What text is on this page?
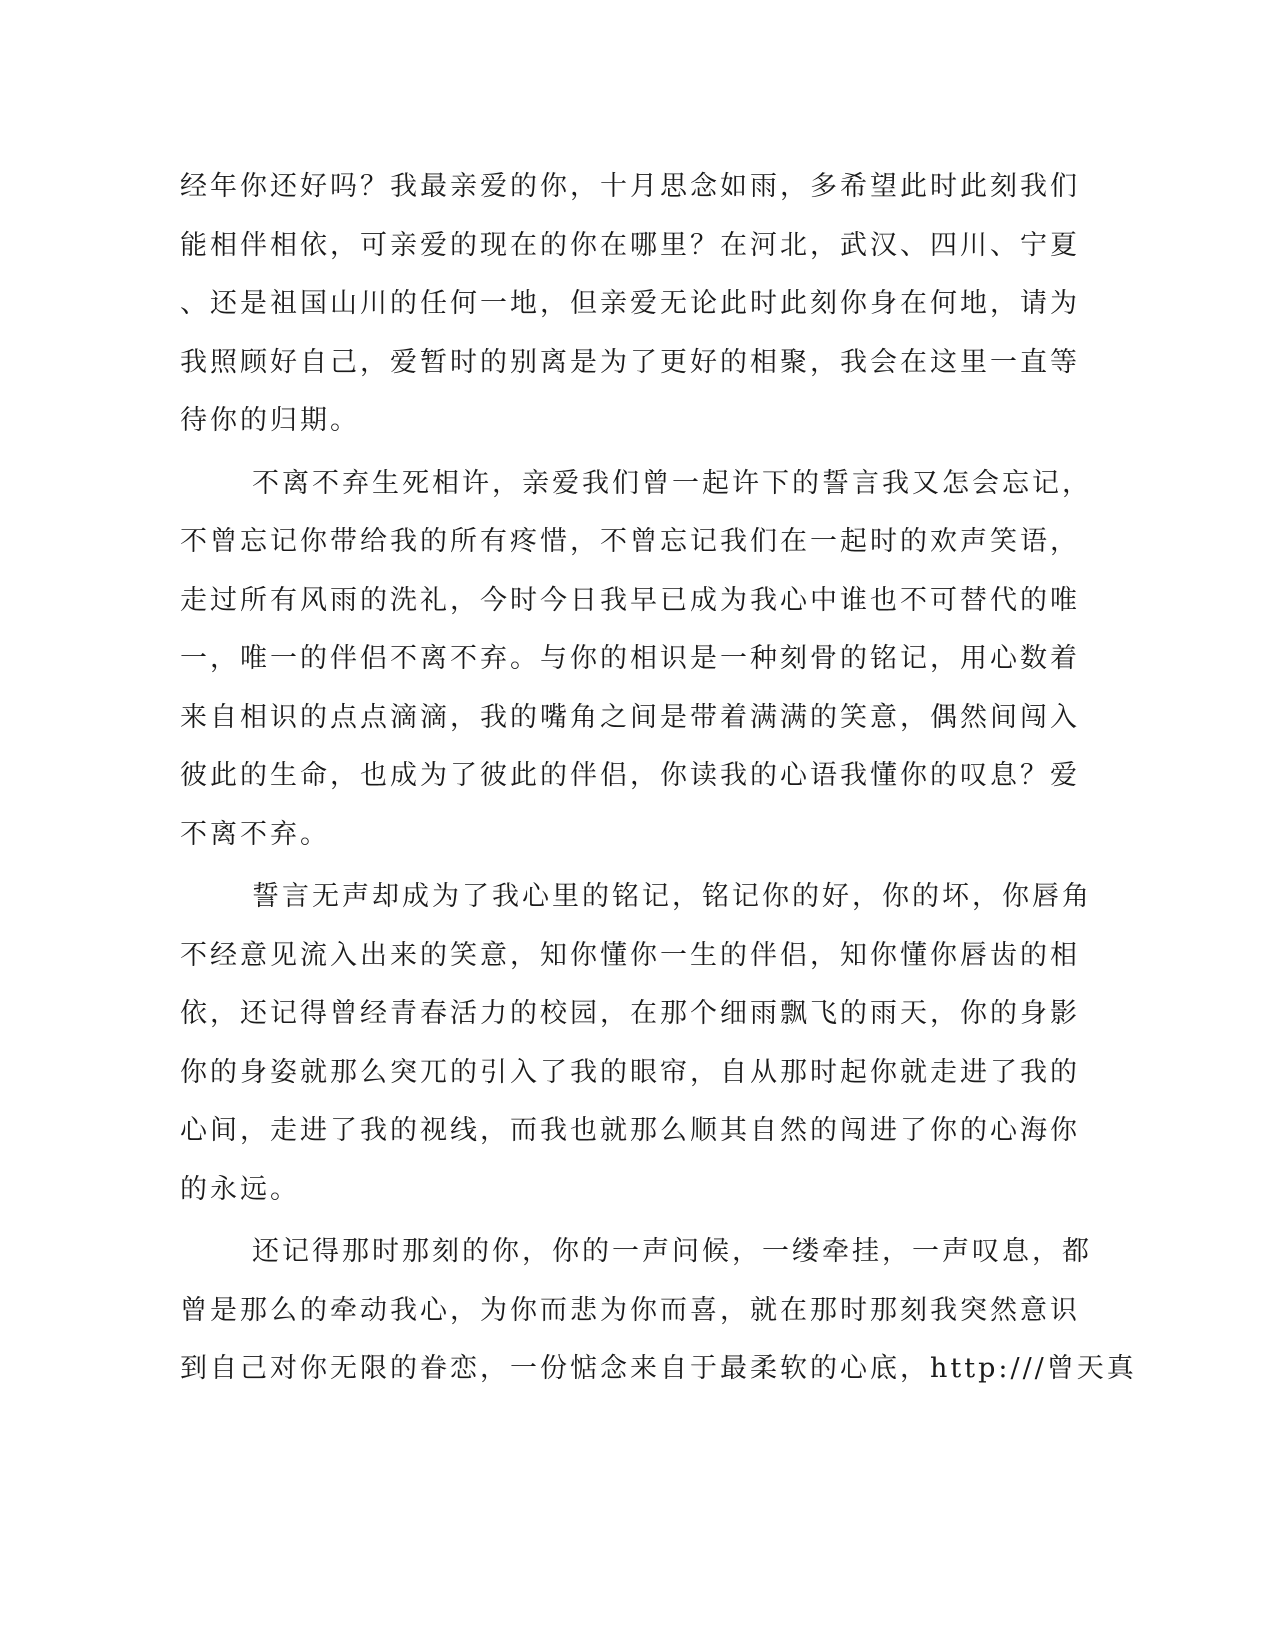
经年你还好吗？我最亲爱的你，十月思念如雨，多希望此时此刻我们
能相伴相依，可亲爱的现在的你在哪里？在河北，武汉、四川、宁夏
、还是祖国山川的任何一地，但亲爱无论此时此刻你身在何地，请为
我照顾好自己，爱暂时的别离是为了更好的相聚，我会在这里一直等
待你的归期。
不离不弃生死相许，亲爱我们曾一起许下的誓言我又怎会忘记，
不曾忘记你带给我的所有疼惜，不曾忘记我们在一起时的欢声笑语，
走过所有风雨的洗礼，今时今日我早已成为我心中谁也不可替代的唯
一，唯一的伴侣不离不弃。与你的相识是一种刻骨的铭记，用心数着
来自相识的点点滴滴，我的嘴角之间是带着满满的笑意，偶然间闯入
彼此的生命，也成为了彼此的伴侣，你读我的心语我懂你的叹息？爱
不离不弃。
誓言无声却成为了我心里的铭记，铭记你的好，你的坏，你唇角
不经意见流入出来的笑意，知你懂你一生的伴侣，知你懂你唇齿的相
依，还记得曾经青春活力的校园，在那个细雨飘飞的雨天，你的身影
你的身姿就那么突兀的引入了我的眼帘，自从那时起你就走进了我的
心间，走进了我的视线，而我也就那么顺其自然的闯进了你的心海你
的永远。
还记得那时那刻的你，你的一声问候，一缕牵挂，一声叹息，都
曾是那么的牵动我心，为你而悲为你而喜，就在那时那刻我突然意识
到自己对你无限的眷恋，一份惦念来自于最柔软的心底，http:///曾天真
